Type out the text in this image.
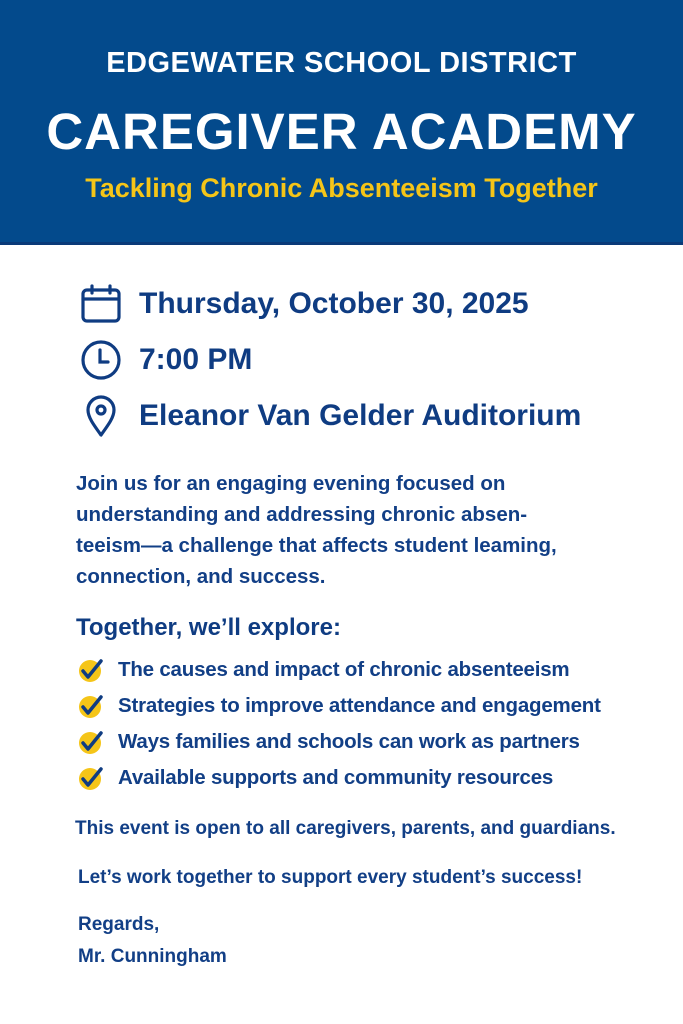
EDGEWATER SCHOOL DISTRICT
CAREGIVER ACADEMY
Tackling Chronic Absenteeism Together
Thursday, October 30, 2025
7:00 PM
Eleanor Van Gelder Auditorium
Join us for an engaging evening focused on
understanding and addressing chronic absen-
teeism—a challenge that affects student leaming,
connection, and success.
Together, we’ll explore:
The causes and impact of chronic absenteeism
Strategies to improve attendance and engagement
Ways families and schools can work as partners
Available supports and community resources
This event is open to all caregivers, parents, and guardians.
Let’s work together to support every student’s success!
Regards,
Mr. Cunningham
